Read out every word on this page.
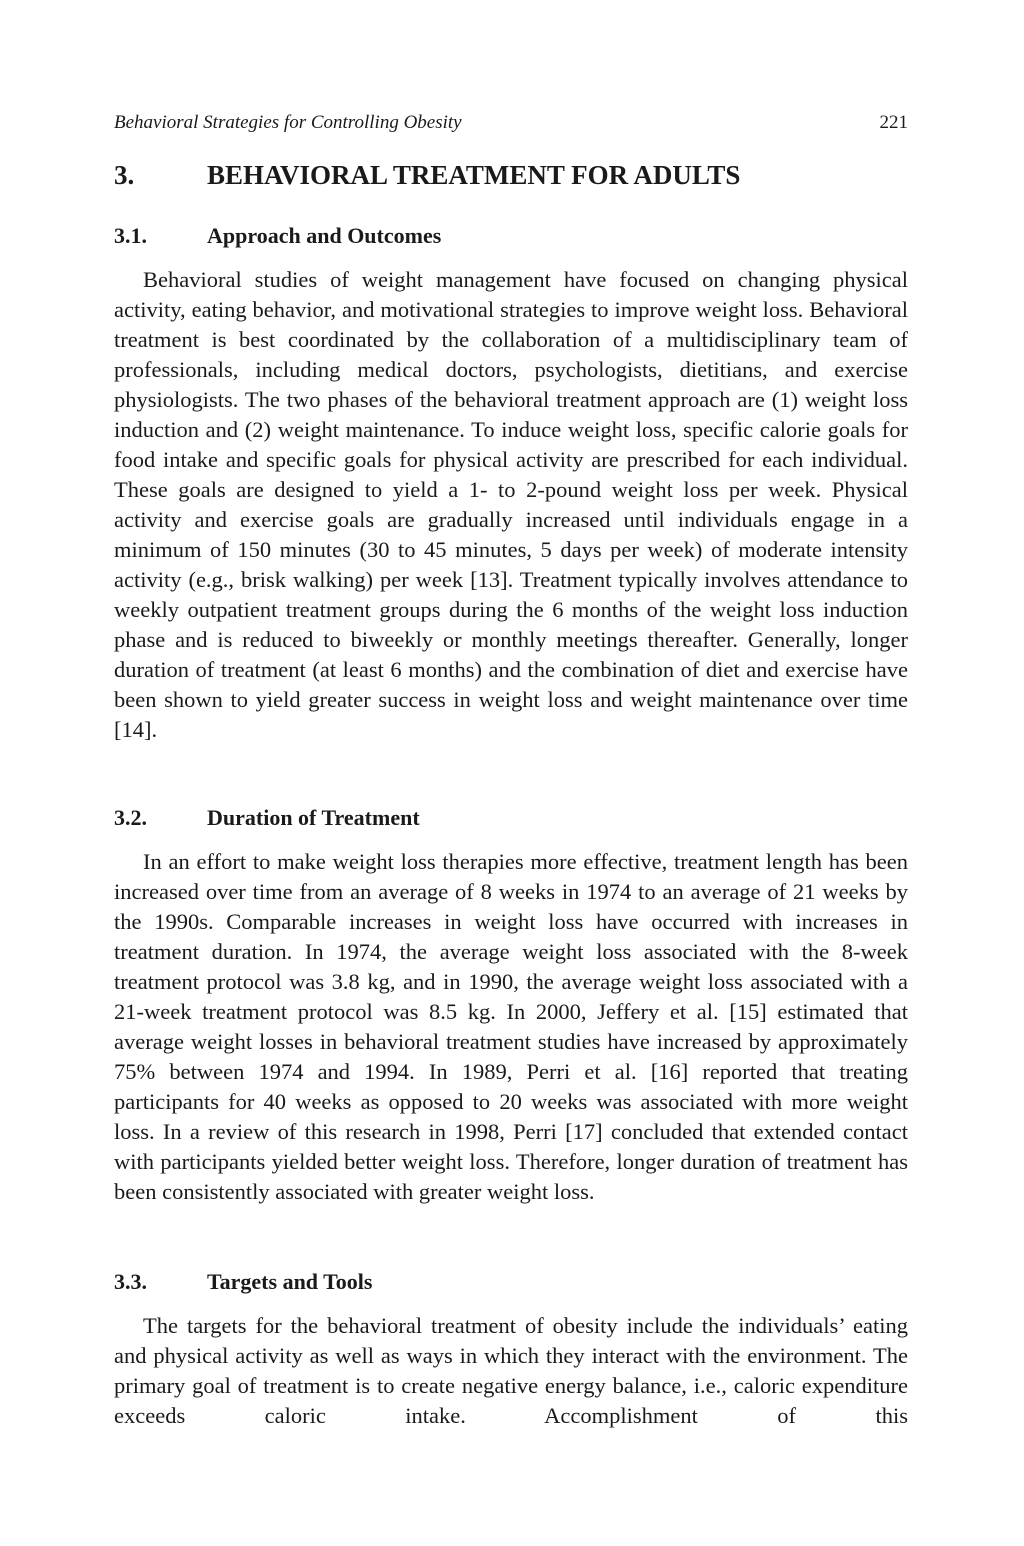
Behavioral Strategies for Controlling Obesity	221
3.	BEHAVIORAL TREATMENT FOR ADULTS
3.1.	Approach and Outcomes

Behavioral studies of weight management have focused on changing physical activity, eating behavior, and motivational strategies to improve weight loss. Behavioral treatment is best coordinated by the collaboration of a multidisciplinary team of professionals, including medical doctors, psychologists, dietitians, and exercise physiologists. The two phases of the behavioral treatment approach are (1) weight loss induction and (2) weight maintenance. To induce weight loss, specific calorie goals for food intake and specific goals for physical activity are prescribed for each individual. These goals are designed to yield a 1- to 2-pound weight loss per week. Physical activity and exercise goals are gradually increased until individuals engage in a minimum of 150 minutes (30 to 45 minutes, 5 days per week) of moderate intensity activity (e.g., brisk walking) per week [13]. Treatment typically involves attendance to weekly outpatient treatment groups during the 6 months of the weight loss induction phase and is reduced to biweekly or monthly meetings thereafter. Generally, longer duration of treatment (at least 6 months) and the combination of diet and exercise have been shown to yield greater success in weight loss and weight maintenance over time [14].

3.2.	Duration of Treatment

In an effort to make weight loss therapies more effective, treatment length has been increased over time from an average of 8 weeks in 1974 to an average of 21 weeks by the 1990s. Comparable increases in weight loss have occurred with increases in treatment duration. In 1974, the average weight loss associated with the 8-week treatment protocol was 3.8 kg, and in 1990, the average weight loss associated with a 21-week treatment protocol was 8.5 kg. In 2000, Jeffery et al. [15] estimated that average weight losses in behavioral treatment studies have increased by approximately 75% between 1974 and 1994. In 1989, Perri et al. [16] reported that treating participants for 40 weeks as opposed to 20 weeks was associated with more weight loss. In a review of this research in 1998, Perri [17] concluded that extended contact with participants yielded better weight loss. Therefore, longer duration of treatment has been consistently associated with greater weight loss.

3.3.	Targets and Tools

The targets for the behavioral treatment of obesity include the individuals’ eating and physical activity as well as ways in which they interact with the environment. The primary goal of treatment is to create negative energy balance, i.e., caloric expenditure exceeds caloric intake. Accomplishment of this
